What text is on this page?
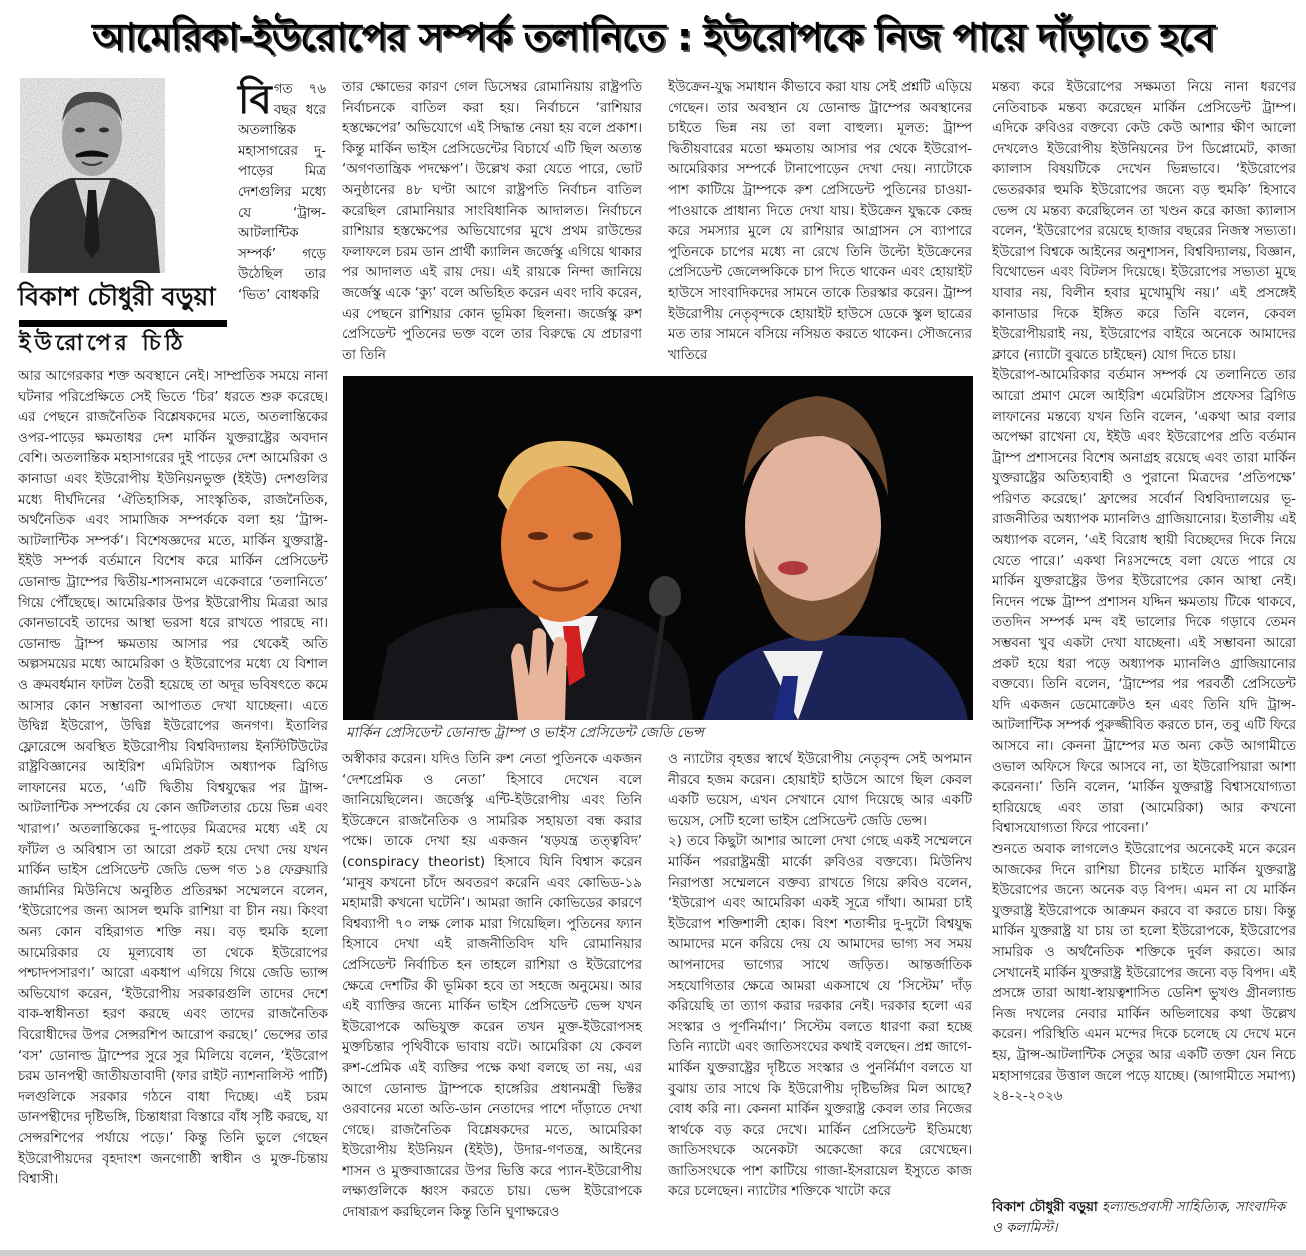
আমেরিকা-ইউরোপের সম্পর্ক তলানিতে : ইউরোপকে নিজ পায়ে দাঁড়াতে হবে
বিকাশ চৌধুরী বড়ুয়া
ইউরোপের চিঠি
বিগত ৭৬ বছর ধরে অতলান্তিক মহাসাগরের দু-পাড়ের মিত্র দেশগুলির মধ্যে যে ‘ট্রান্স-আটলান্টিক সম্পর্ক’ গড়ে উঠেছিল তার ‘ভিত’ বোধকরি

আর আগেরকার শক্ত অবস্থানে নেই। সাম্প্রতিক সময়ে নানা ঘটনার পরিপ্রেক্ষিতে সেই ভিতে ‘চির’ ধরতে শুরু করেছে। এর পেছনে রাজনৈতিক বিশ্লেষকদের মতে, অতলান্তিকের ওপর-পাড়ের ক্ষমতাধর দেশ মার্কিন যুক্তরাষ্ট্রের অবদান বেশি। অতলান্তিক মহাসাগরের দুই পাড়ের দেশ আমেরিকা ও কানাডা এবং ইউরোপীয় ইউনিয়নভুক্ত (ইইউ) দেশগুলির মধ্যে দীর্ঘদিনের ‘ঐতিহাসিক, সাংস্কৃতিক, রাজনৈতিক, অর্থনৈতিক এবং সামাজিক সম্পর্ককে বলা হয় ‘ট্রান্স-আটলান্টিক সম্পর্ক’। বিশেষজ্ঞদের মতে, মার্কিন যুক্তরাষ্ট্র-ইইউ সম্পর্ক বর্তমানে বিশেষ করে মার্কিন প্রেসিডেন্ট ডোনাল্ড ট্রাম্পের দ্বিতীয়-শাসনামলে একেবারে ‘তলানিতে’ গিয়ে পৌঁছেছে। আমেরিকার উপর ইউরোপীয় মিত্ররা আর কোনভাবেই তাদের আস্থা ভরসা ধরে রাখতে পারছে না। ডোনাল্ড ট্রাম্প ক্ষমতায় আসার পর থেকেই অতি অল্পসময়ের মধ্যে আমেরিকা ও ইউরোপের মধ্যে যে বিশাল ও ক্রমবর্ধমান ফাটল তৈরী হয়েছে তা অদূর ভবিষৎতে কমে আসার কোন সম্ভাবনা আপাতত দেখা যাচ্ছেনা। এতে উদ্বিগ্ন ইউরোপ, উদ্বিগ্ন ইউরোপের জনগণ। ইতালির ফ্লোরেন্সে অবস্থিত ইউরোপীয় বিশ্ববিদ্যালয় ইনস্টিটিউটের রাষ্ট্রবিজ্ঞানের আইরিশ এমিরিটাস অধ্যাপক ব্রিগিড লাফানের মতে, ‘এটি দ্বিতীয় বিশ্বযুদ্ধের পর ট্রান্স-আটলান্টিক সম্পর্কের যে কোন জটিলতার চেয়ে ভিন্ন এবং খারাপ।’ অতলান্তিকের দু-পাড়ের মিত্রদের মধ্যে এই যে ফাঁটল ও অবিশ্বাস তা আরো প্রকট হয়ে দেখা দেয় যখন মার্কিন ভাইস প্রেসিডেন্ট জেডি ভেন্স গত ১৪ ফেব্রুয়ারি জার্মানির মিউনিখে অনুষ্ঠিত প্রতিরক্ষা সম্মেলনে বলেন, ‘ইউরোপের জন্য আসল হুমকি রাশিয়া বা চীন নয়। কিংবা অন্য কোন বহিরাগত শক্তি নয়। বড় হুমকি হলো আমেরিকার যে মূল্যবোধ তা থেকে ইউরোপের পশ্চাদপসারণ।’ আরো একধাপ এগিয়ে গিয়ে জেডি ভ্যান্স অভিযোগ করেন, ‘ইউরোপীয় সরকারগুলি তাদের দেশে বাক-স্বাধীনতা হরণ করছে এবং তাদের রাজনৈতিক বিরোধীদের উপর সেন্সরশিপ আরোপ করছে।’ ভেন্সের তার ‘বস’ ডোনাল্ড ট্রাম্পের সুরে সুর মিলিয়ে বলেন, ‘ইউরোপ চরম ডানপন্থী জাতীয়তাবাদী (ফার রাইট ন্যাশনালিস্ট পার্টি) দলগুলিকে সরকার গঠনে বাধা দিচ্ছে। এই চরম ডানপন্থীদের দৃষ্টিভঙ্গি, চিন্তাধারা বিস্তারে বাঁধ সৃষ্টি করছে, যা সেন্সরশিপের পর্যায়ে পড়ে।’ কিন্তু তিনি ভুলে গেছেন ইউরোপীয়দের বৃহদাংশ জনগোষ্ঠী স্বাধীন ও মুক্ত-চিন্তায় বিশ্বাসী।

তার ক্ষোভের কারণ গেল ডিসেম্বর রোমানিয়ায় রাষ্ট্রপতি নির্বাচনকে বাতিল করা হয়। নির্বাচনে ‘রাশিয়ার হস্তক্ষেপের’ অভিযোগে এই সিদ্ধান্ত নেয়া হয় বলে প্রকাশ। কিন্তু মার্কিন ভাইস প্রেসিডেন্টের বিচার্যে এটি ছিল অত্যন্ত ‘অগণতান্ত্রিক পদক্ষেপ’। উল্লেখ করা যেতে পারে, ভোট অনুষ্ঠানের ৪৮ ঘণ্টা আগে রাষ্ট্রপতি নির্বাচন বাতিল করেছিল রোমানিয়ার সাংবিধানিক আদালত। নির্বাচনে রাশিয়ার হস্তক্ষেপের অভিযোগের মুখে প্রথম রাউন্ডের ফলাফলে চরম ডান প্রার্থী ক্যালিন জর্জেস্কু এগিয়ে থাকার পর আদালত এই রায় দেয়। এই রায়কে নিন্দা জানিয়ে জর্জেস্কু একে ‘ক্যু’ বলে অভিহিত করেন এবং দাবি করেন, এর পেছনে রাশিয়ার কোন ভূমিকা ছিলনা। জর্জেস্কু রুশ প্রেসিডেন্ট পুতিনের ভক্ত বলে তার বিরুদ্ধে যে প্রচারণা তা তিনি

ইউক্রেন-যুদ্ধ সমাধান কীভাবে করা যায় সেই প্রশ্নটি এড়িয়ে গেছেন। তার অবস্থান যে ডোনাল্ড ট্রাম্পের অবস্থানের চাইতে ভিন্ন নয় তা বলা বাহুল্য। মূলত: ট্রাম্প দ্বিতীয়বারের মতো ক্ষমতায় আসার পর থেকে ইউরোপ-আমেরিকার সম্পর্কে টানাপোড়েন দেখা দেয়। ন্যাটোকে পাশ কাটিয়ে ট্রাম্পকে রুশ প্রেসিডেন্ট পুতিনের চাওয়া-পাওয়াকে প্রাধান্য দিতে দেখা যায়। ইউক্রেন যুদ্ধকে কেন্দ্র করে সমস্যার মুলে যে রাশিয়ার আগ্রাসন সে ব্যাপারে পুতিনকে চাপের মধ্যে না রেখে তিনি উল্টো ইউক্রেনের প্রেসিডেন্ট জেলেন্সকিকে চাপ দিতে থাকেন এবং হোয়াইট হাউসে সাংবাদিকদের সামনে তাকে তিরস্কার করেন। ট্রাম্প ইউরোপীয় নেতৃবৃন্দকে হোয়াইট হাউসে ডেকে স্কুল ছাত্রের মত তার সামনে বসিয়ে নসিয়ত করতে থাকেন। সৌজন্যের খাতিরে

মার্কিন প্রেসিডেন্ট ডোনাল্ড ট্রাম্প ও ভাইস প্রেসিডেন্ট জেডি ভেন্স

অস্বীকার করেন। যদিও তিনি রুশ নেতা পুতিনকে একজন ‘দেশপ্রেমিক ও নেতা’ হিসাবে দেখেন বলে জানিয়েছিলেন। জর্জেস্কু এন্টি-ইউরোপীয় এবং তিনি ইউক্রেনে রাজনৈতিক ও সামরিক সহায়তা বন্ধ করার পক্ষে। তাকে দেখা হয় একজন ‘ষড়যন্ত্র তত্ত্ববিদ’ (conspiracy theorist) হিসাবে যিনি বিশ্বাস করেন ‘মানুষ কখনো চাঁদে অবতরণ করেনি এবং কোভিড-১৯ মহামারী কখনো ঘটেনি’। আমরা জানি কোভিডের কারণে বিশ্বব্যাপী ৭০ লক্ষ লোক মারা গিয়েছিল। পুতিনের ফ্যান হিসাবে দেখা এই রাজনীতিবিদ যদি রোমানিয়ার প্রেসিডেন্ট নির্বাচিত হন তাহলে রাশিয়া ও ইউরোপের ক্ষেত্রে দেশটির কী ভূমিকা হবে তা সহজে অনুমেয়। আর এই ব্যাক্তির জন্যে মার্কিন ভাইস প্রেসিডেন্ট ভেন্স যখন ইউরোপকে অভিযুক্ত করেন তখন মুক্ত-ইউরোপসহ মুক্তচিন্তার পৃথিবীকে ভাবায় বটে। আমেরিকা যে কেবল রুশ-প্রেমিক এই ব্যক্তির পক্ষে কথা বলছে তা নয়, এর আগে ডোনাল্ড ট্রাম্পকে হাঙ্গেরির প্রধানমন্ত্রী ভিক্টর ওরবানের মতো অতি-ডান নেতাদের পাশে দাঁড়াতে দেখা গেছে। রাজনৈতিক বিশ্লেষকদের মতে, আমেরিকা ইউরোপীয় ইউনিয়ন (ইইউ), উদার-গণতন্ত্র, আইনের শাসন ও মুক্তবাজারের উপর ভিত্তি করে প্যান-ইউরোপীয় লক্ষ্যগুলিকে ধ্বংস করতে চায়। ভেন্স ইউরোপকে দোষারূপ করছিলেন কিন্তু তিনি ঘুণাক্ষরেও

ও ন্যাটোর বৃহত্তর স্বার্থে ইউরোপীয় নেতৃবৃন্দ সেই অপমান নীরবে হজম করেন। হোয়াইট হাউসে আগে ছিল কেবল একটি ভয়েস, এখন সেখানে যোগ দিয়েছে আর একটি ভয়েস, সেটি হলো ভাইস প্রেসিডেন্ট জেডি ভেন্স।

২) তবে কিছুটা আশার আলো দেখা গেছে একই সম্মেলনে মার্কিন পররাষ্ট্রমন্ত্রী মার্কো রুবিওর বক্তব্যে। মিউনিখ নিরাপত্তা সম্মেলনে বক্তব্য রাখতে গিয়ে রুবিও বলেন, ‘ইউরোপ এবং আমেরিকা একই সূত্রে গাঁথা। আমরা চাই ইউরোপ শক্তিশালী হোক। বিংশ শতাব্দীর দু-দুটো বিশ্বযুদ্ধ আমাদের মনে করিয়ে দেয় যে আমাদের ভাগ্য সব সময় আপনাদের ভাগ্যের সাথে জড়িত। আন্তর্জাতিক সহযোগিতার ক্ষেত্রে আমরা একসাথে যে ‘সিস্টেম’ দাঁড় করিয়েছি তা ত্যাগ করার দরকার নেই। দরকার হলো এর সংস্কার ও পূর্ণনির্মাণ।’ সিস্টেম বলতে ধারণা করা হচ্ছে তিনি ন্যাটো এবং জাতিসংঘের কথাই বলছেন। প্রশ্ন জাগে- মার্কিন যুক্তরাষ্ট্রের দৃষ্টিতে সংস্কার ও পুনর্নির্মাণ বলতে যা বুঝায় তার সাথে কি ইউরোপীয় দৃষ্টিভঙ্গির মিল আছে? বোধ করি না। কেননা মার্কিন যুক্তরাষ্ট্র কেবল তার নিজের স্বার্থকে বড় করে দেখে। মার্কিন প্রেসিডেন্ট ইতিমধ্যে জাতিসংঘকে অনেকটা অকেজো করে রেখেছেন। জাতিসংঘকে পাশ কাটিয়ে গাজা-ইসরায়েল ইস্যুতে কাজ করে চলেছেন। ন্যাটোর শক্তিকে খাটো করে

মন্তব্য করে ইউরোপের সক্ষমতা নিয়ে নানা ধরণের নেতিবাচক মন্তব্য করেছেন মার্কিন প্রেসিডেন্ট ট্রাম্প। এদিকে রুবিওর বক্তব্যে কেউ কেউ আশার ক্ষীণ আলো দেখলেও ইউরোপীয় ইউনিয়নের টপ ডিপ্লোমেট, কাজা ক্যালাস বিষয়টিকে দেখেন ভিন্নভাবে। ‘ইউরোপের ভেতরকার হুমকি ইউরোপের জন্যে বড় হুমকি’ হিসাবে ভেন্স যে মন্তব্য করেছিলেন তা খণ্ডন করে কাজা ক্যালাস বলেন, ‘ইউরোপের রয়েছে হাজার বছরের নিজস্ব সভ্যতা। ইউরোপ বিশ্বকে আইনের অনুশাসন, বিশ্ববিদ্যালয়, বিজ্ঞান, বিথোভেন এবং বিটলস দিয়েছে। ইউরোপের সভ্যতা মুছে যাবার নয়, বিলীন হবার মুখোমুখি নয়।’ এই প্রসঙ্গেই কানাডার দিকে ইঙ্গিত করে তিনি বলেন, কেবল ইউরোপীয়রাই নয়, ইউরোপের বাইরে অনেকে আমাদের ক্লাবে (ন্যাটো বুঝতে চাইছেন) যোগ দিতে চায়।

ইউরোপ-আমেরিকার বর্তমান সম্পর্ক যে তলানিতে তার আরো প্রমাণ মেলে আইরিশ এমেরিটাস প্রফেসর ব্রিগিড লাফানের মন্তব্যে যখন তিনি বলেন, ‘একথা আর বলার অপেক্ষা রাখেনা যে, ইইউ এবং ইউরোপের প্রতি বর্তমান ট্রাম্প প্রশাসনের বিশেষ অনাগ্রহ রয়েছে এবং তারা মার্কিন যুক্তরাষ্ট্রের অতিহ্যবাহী ও পুরানো মিত্রদের ‘প্রতিপক্ষে’ পরিণত করেছে।’ ফ্রান্সের সর্বোর্ন বিশ্ববিদ্যালয়ের ভূ-রাজনীতির অধ্যাপক ম্যানলিও গ্রাজিয়ানোর। ইতালীয় এই অধ্যাপক বলেন, ‘এই বিরোধ স্থায়ী বিচ্ছেদের দিকে নিয়ে যেতে পারে।’ একথা নিঃসন্দেহে বলা যেতে পারে যে মার্কিন যুক্তরাষ্ট্রের উপর ইউরোপের কোন আস্থা নেই। নিদেন পক্ষে ট্রাম্প প্রশাসন যদ্দিন ক্ষমতায় টিকে থাকবে, ততদিন সম্পর্ক মন্দ বই ভালোর দিকে গড়াবে তেমন সম্ভবনা খুব একটা দেখা যাচ্ছেনা। এই সম্ভাবনা আরো প্রকট হয়ে ধরা পড়ে অধ্যাপক ম্যানলিও গ্রাজিয়ানোর বক্তব্যে। তিনি বলেন, ‘ট্রাম্পের পর পরবর্তী প্রেসিডেন্ট যদি একজন ডেমোক্রেটও হন এবং তিনি যদি ট্রান্স-আটলান্টিক সম্পর্ক পুরুজ্জীবিত করতে চান, তবু এটি ফিরে আসবে না। কেননা ট্রাম্পের মত অন্য কেউ আগামীতে ওভাল অফিসে ফিরে আসবে না, তা ইউরোপিয়ারা আশা করেননা।’ তিনি বলেন, ‘মার্কিন যুক্তরাষ্ট্র বিশ্বাসযোগ্যতা হারিয়েছে এবং তারা (আমেরিকা) আর কখনো বিশ্বাসযোগ্যতা ফিরে পাবেনা।’

শুনতে অবাক লাগলেও ইউরোপের অনেকেই মনে করেন আজকের দিনে রাশিয়া চীনের চাইতে মার্কিন যুক্তরাষ্ট্র ইউরোপের জন্যে অনেক বড় বিপদ। এমন না যে মার্কিন যুক্তরাষ্ট্র ইউরোপকে আক্রমন করবে বা করতে চায়। কিন্তু মার্কিন যুক্তরাষ্ট্র যা চায় তা হলো ইউরোপকে, ইউরোপের সামরিক ও অর্থনৈতিক শক্তিকে দুর্বল করতে। আর সেখানেই মার্কিন যুক্তরাষ্ট্র ইউরোপের জন্যে বড় বিপদ। এই প্রসঙ্গে তারা আধা-স্বায়ত্বশাসিত ডেনিশ ভুখণ্ড গ্রীনল্যান্ড নিজ দখলের নেবার মার্কিন অভিলাষের কথা উল্লেখ করেন। পরিস্থিতি এমন মন্দের দিকে চলেছে যে দেখে মনে হয়, ট্রান্স-আটলান্টিক সেতুর আর একটি তক্তা যেন নিচে মহাসাগরের উত্তাল জলে পড়ে যাচ্ছে। (আগামীতে সমাপ্য) ২৪-২-২০২৬

বিকাশ চৌধুরী বড়ুয়া হল্যান্ডপ্রবাসী সাহিত্যিক, সাংবাদিক ও কলামিস্ট।
